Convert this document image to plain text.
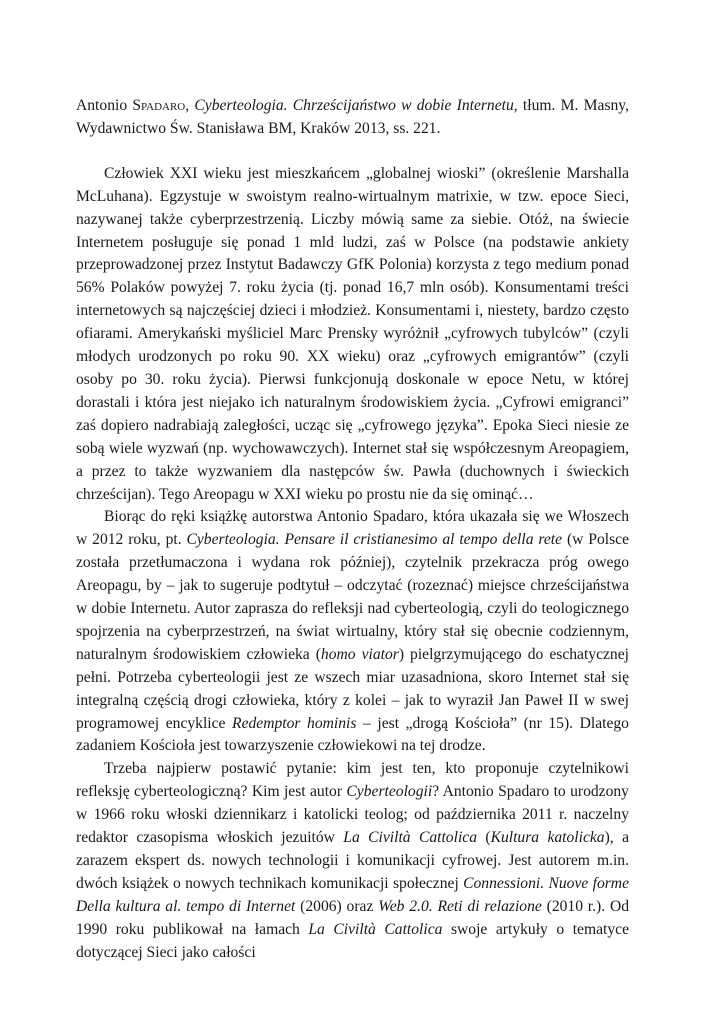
Antonio Spadaro, Cyberteologia. Chrześcijaństwo w dobie Internetu, tłum. M. Masny, Wydawnictwo Św. Stanisława BM, Kraków 2013, ss. 221.

Człowiek XXI wieku jest mieszkańcem „globalnej wioski” (określenie Marshalla McLuhana). Egzystuje w swoistym realno-wirtualnym matrixie, w tzw. epoce Sieci, nazywanej także cyberprzestrzenią. Liczby mówią same za siebie. Otóż, na świecie Internetem posługuje się ponad 1 mld ludzi, zaś w Polsce (na podstawie ankiety przeprowadzonej przez Instytut Badawczy GfK Polonia) korzysta z tego medium ponad 56% Polaków powyżej 7. roku życia (tj. ponad 16,7 mln osób). Konsumentami treści internetowych są najczęściej dzieci i młodzież. Konsumentami i, niestety, bardzo często ofiarami. Amerykański myśliciel Marc Prensky wyróżnił „cyfrowych tubylców” (czyli młodych urodzonych po roku 90. XX wieku) oraz „cyfrowych emigrantów” (czyli osoby po 30. roku życia). Pierwsi funkcjonują doskonale w epoce Netu, w której dorastali i która jest niejako ich naturalnym środowiskiem życia. „Cyfrowi emigranci” zaś dopiero nadrabiają zaległości, ucząc się „cyfrowego języka”. Epoka Sieci niesie ze sobą wiele wyzwań (np. wychowawczych). Internet stał się współczesnym Areopagiem, a przez to także wyzwaniem dla następców św. Pawła (duchownych i świeckich chrześcijan). Tego Areopagu w XXI wieku po prostu nie da się ominąć…

Biorąc do ręki książkę autorstwa Antonio Spadaro, która ukazała się we Włoszech w 2012 roku, pt. Cyberteologia. Pensare il cristianesimo al tempo della rete (w Polsce została przetłumaczona i wydana rok później), czytelnik przekracza próg owego Areopagu, by – jak to sugeruje podtytuł – odczytać (rozeznać) miejsce chrześcijaństwa w dobie Internetu. Autor zaprasza do refleksji nad cyberteologią, czyli do teologicznego spojrzenia na cyberprzestrzeń, na świat wirtualny, który stał się obecnie codziennym, naturalnym środowiskiem człowieka (homo viator) pielgrzymującego do eschatycznej pełni. Potrzeba cyberteologii jest ze wszech miar uzasadniona, skoro Internet stał się integralną częścią drogi człowieka, który z kolei – jak to wyraził Jan Paweł II w swej programowej encyklice Redemptor hominis – jest „drogą Kościoła” (nr 15). Dlatego zadaniem Kościoła jest towarzyszenie człowiekowi na tej drodze.

Trzeba najpierw postawić pytanie: kim jest ten, kto proponuje czytelnikowi refleksję cyberteologiczną? Kim jest autor Cyberteologii? Antonio Spadaro to urodzony w 1966 roku włoski dziennikarz i katolicki teolog; od października 2011 r. naczelny redaktor czasopisma włoskich jezuitów La Civiltà Cattolica (Kultura katolicka), a zarazem ekspert ds. nowych technologii i komunikacji cyfrowej. Jest autorem m.in. dwóch książek o nowych technikach komunikacji społecznej Connessioni. Nuove forme Della kultura al. tempo di Internet (2006) oraz Web 2.0. Reti di relazione (2010 r.). Od 1990 roku publikował na łamach La Civiltà Cattolica swoje artykuły o tematyce dotyczącej Sieci jako całości
